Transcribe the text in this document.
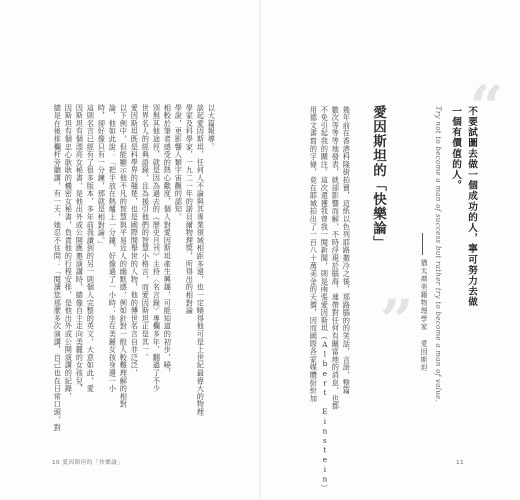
“
”
不要試圖去做一個成功的人，寧可努力去做
一個有價值的人。
Try not to become a man of success but rather try to become a man of value.
猶太裔美籍物理學家 愛因斯坦
愛因斯坦的「快樂論」
幾年前在香港科隆街拍賣，這紙以色列耶路撒冷之後，那路腦的的笑話，言語，整篇
數次等等等地發表，就卻影響而解，不時浮現於腦海，連帶對任何有關當地的消息，也都
不免引起我的關注。這次還獲我曾我一閱新聞，則是兩張愛因斯坦（Albert Einstein）
用德文書寫的字條，竟在耶城拍出了一百八十萬美金的天價，因而國際各家媒體紛紛加
11
以大篇報導。
談起愛因斯坦，任何人不論與其專業領域相距多遠，也一定曉得他可是上世紀最偉大的物理
學家及科學家，一九二一年的諾貝爾物理獎，所得出的相對論
學說，更影響人類宇宙觀的認知。
相較於筆者感受的熱心歡度，個人對愛因斯坦產生興趣，可能知道的初步，曉，
別無其他途徑，就是因為過去的《歷史月刊》主持〈名言錄〉專欄多年，翻過了不少
世界名人的經典語錄，且為援引他們的智慧小格言，而愛因斯坦正是其一。
愛因斯坦既是科學界的翹楚，也是國際間舉世的人物，他的傳世名言自非泛泛，
以下例中，但能顯示他不凡的智慧與平易近人的幽默感，例如針對一般人較難理解的相對
論，他如此說：「把手放在熱爐上一分鐘，好像過了一小時；坐在美麗女孩身邊一小
時，卻好像只有一分鐘，那就是相對論。」
這則名言已經有了很多版本，多年前我讀到的另一則個人完整的英文，大意如此，愛
因斯坦有個漂亮女秘書，是他出外或公開應邀演講時，總像自主走向美麗的女孩兒，
因斯坦有個忠心耿耿的機密女秘書，負責他的行程安排，是他出外或公開演講的紀錄，
總是在後排欄杆旁聽講，有一天，她忍不住問：「閱讀您那麼多次演講，自己也在日常口頭，對
10 愛因斯坦的「快樂論」
